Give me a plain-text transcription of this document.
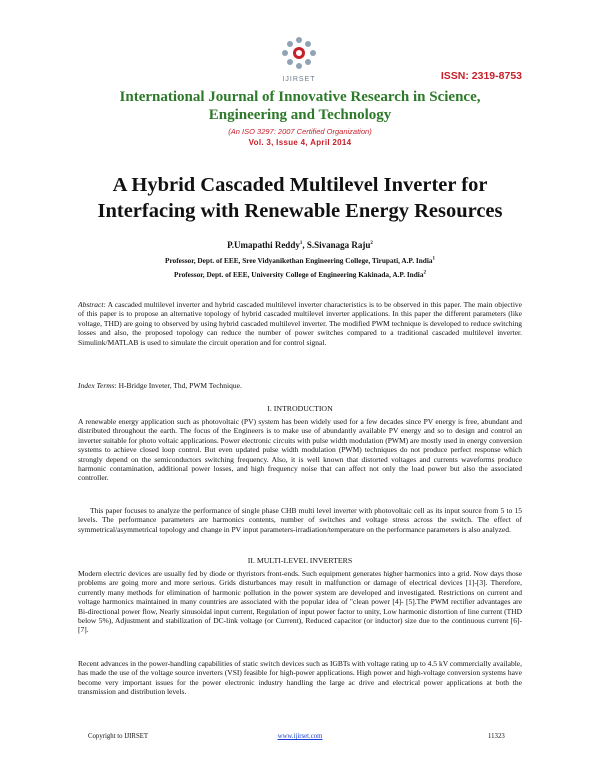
IJIRSET	ISSN: 2319-8753
International Journal of Innovative Research in Science,
Engineering and Technology
(An ISO 3297: 2007 Certified Organization)
Vol. 3, Issue 4, April 2014
A Hybrid Cascaded Multilevel Inverter for
Interfacing with Renewable Energy Resources
P.Umapathi Reddy$^1$, S.Sivanaga Raju$^2$
Professor, Dept. of EEE, Sree Vidyanikethan Engineering College, Tirupati, A.P. India$^1$
Professor, Dept. of EEE, University College of Engineering Kakinada, A.P. India$^2$
Abstract: A cascaded multilevel inverter and hybrid cascaded multilevel inverter characteristics is to be observed in this paper. The main objective of this paper is to propose an alternative topology of hybrid cascaded multilevel inverter applications. In this paper the different parameters (like voltage, THD) are going to observed by using hybrid cascaded multilevel inverter. The modified PWM technique is developed to reduce switching losses and also, the proposed topology can reduce the number of power switches compared to a traditional cascaded multilevel inverter. Simulink/MATLAB is used to simulate the circuit operation and for control signal.
Index Terms: H-Bridge Inveter, Thd, PWM Technique.
I. INTRODUCTION
A renewable energy application such as photovoltaic (PV) system has been widely used for a few decades since PV energy is free, abundant and distributed throughout the earth. The focus of the Engineers is to make use of abundantly available PV energy and so to design and control an inverter suitable for photo voltaic applications. Power electronic circuits with pulse width modulation (PWM) are mostly used in energy conversion systems to achieve closed loop control. But even updated pulse width modulation (PWM) techniques do not produce perfect response which strongly depend on the semiconductors switching frequency. Also, it is well known that distorted voltages and currents waveforms produce harmonic contamination, additional power losses, and high frequency noise that can affect not only the load power but also the associated controller.
This paper focuses to analyze the performance of single phase CHB multi level inverter with photovoltaic cell as its input source from 5 to 15 levels. The performance parameters are harmonics contents, number of switches and voltage stress across the switch. The effect of symmetrical/asymmetrical topology and change in PV input parameters-irradiation/temperature on the performance parameters is also analyzed.
II. MULTI-LEVEL INVERTERS
Modern electric devices are usually fed by diode or thyristors front-ends. Such equipment generates higher harmonics into a grid. Now days those problems are going more and more serious. Grids disturbances may result in malfunction or damage of electrical devices [1]-[3]. Therefore, currently many methods for elimination of harmonic pollution in the power system are developed and investigated. Restrictions on current and voltage harmonics maintained in many countries are associated with the popular idea of "clean power [4]- [5].The PWM rectifier advantages are Bi-directional power flow, Nearly sinusoidal input current, Regulation of input power factor to unity, Low harmonic distortion of line current (THD below 5%), Adjustment and stabilization of DC-link voltage (or Current), Reduced capacitor (or inductor) size due to the continuous current [6]-[7].
Recent advances in the power-handling capabilities of static switch devices such as IGBTs with voltage rating up to 4.5 kV commercially available, has made the use of the voltage source inverters (VSI) feasible for high-power applications. High power and high-voltage conversion systems have become very important issues for the power electronic industry handling the large ac drive and electrical power applications at both the transmission and distribution levels.
Copyright to IJIRSET	www.ijirset.com	11323
